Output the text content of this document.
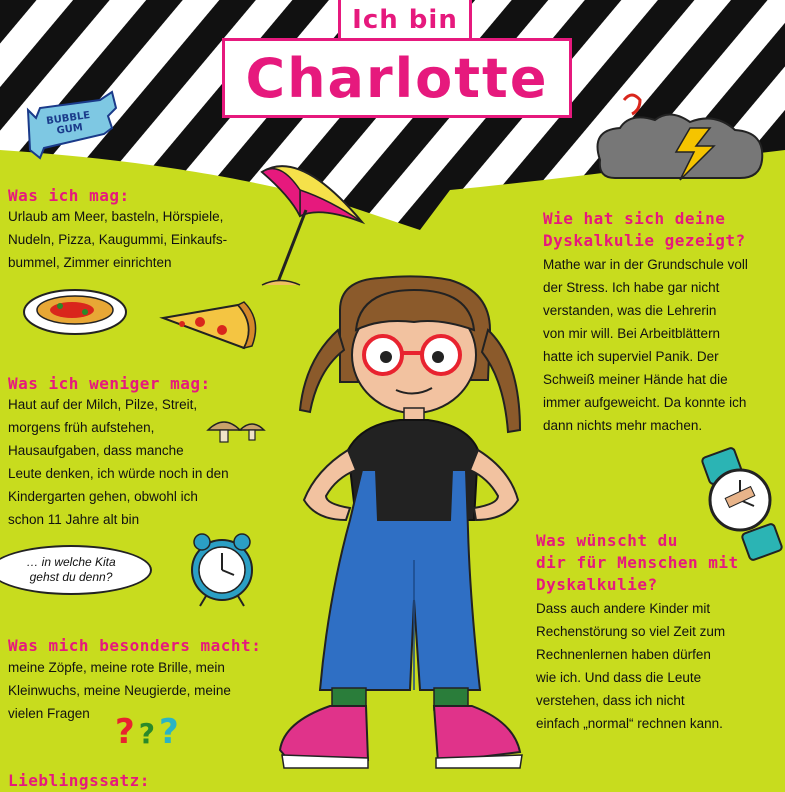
Ich bin
Charlotte
BUBBLE
GUM
Was ich mag:

Urlaub am Meer, basteln, Hörspiele,
Nudeln, Pizza, Kaugummi, Einkaufs-
bummel, Zimmer einrichten

Was ich weniger mag:

Haut auf der Milch, Pilze, Streit,
morgens früh aufstehen,
Hausaufgaben, dass manche
Leute denken, ich würde noch in den
Kindergarten gehen, obwohl ich
schon 11 Jahre alt bin

… in welche Kita
gehst du denn?
Was mich besonders macht:

meine Zöpfe, meine rote Brille, mein
Kleinwuchs, meine Neugierde, meine
vielen Fragen ? ? ?
Lieblingssatz:
Wie hat sich deine
Dyskalkulie gezeigt?

Mathe war in der Grundschule voll
der Stress. Ich habe gar nicht
verstanden, was die Lehrerin
von mir will. Bei Arbeitblättern
hatte ich superviel Panik. Der
Schweiß meiner Hände hat die
immer aufgeweicht. Da konnte ich
dann nichts mehr machen.

Was wünscht du
dir für Menschen mit
Dyskalkulie?

Dass auch andere Kinder mit
Rechenstörung so viel Zeit zum
Rechnenlernen haben dürfen
wie ich. Und dass die Leute
verstehen, dass ich nicht
einfach „normal“ rechnen kann.
